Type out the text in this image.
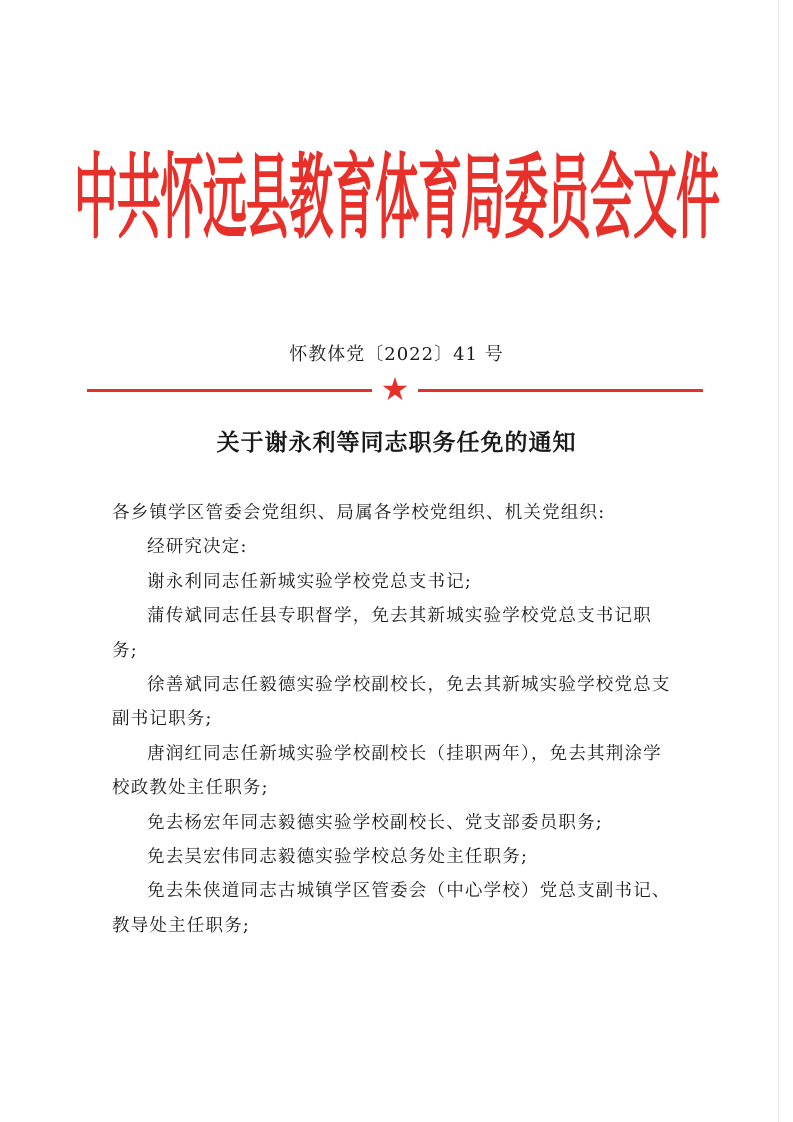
中共怀远县教育体育局委员会文件
怀教体党〔2022〕41 号
★
关于谢永利等同志职务任免的通知

各乡镇学区管委会党组织、局属各学校党组织、机关党组织:

经研究决定:

谢永利同志任新城实验学校党总支书记;

蒲传斌同志任县专职督学，免去其新城实验学校党总支书记职务;

徐善斌同志任毅德实验学校副校长，免去其新城实验学校党总支副书记职务;

唐润红同志任新城实验学校副校长（挂职两年），免去其荆涂学校政教处主任职务;

免去杨宏年同志毅德实验学校副校长、党支部委员职务;

免去吴宏伟同志毅德实验学校总务处主任职务;

免去朱侠道同志古城镇学区管委会（中心学校）党总支副书记、教导处主任职务;
